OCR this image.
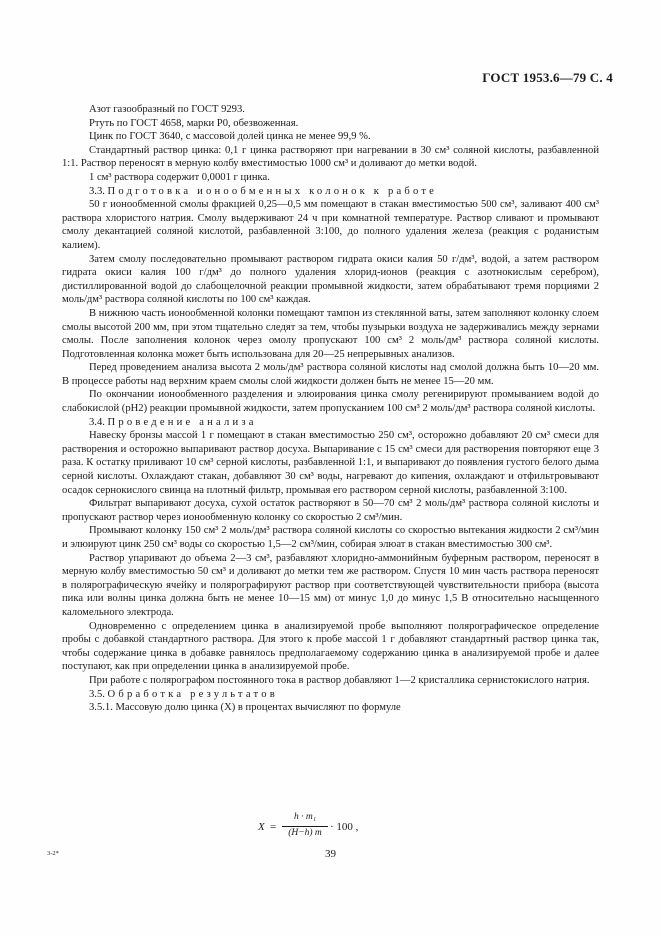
ГОСТ 1953.6—79 С. 4

Азот газообразный по ГОСТ 9293.

Ртуть по ГОСТ 4658, марки Р0, обезвоженная.

Цинк по ГОСТ 3640, с массовой долей цинка не менее 99,9 %.

Стандартный раствор цинка: 0,1 г цинка растворяют при нагревании в 30 см³ соляной кислоты, разбавленной 1:1. Раствор переносят в мерную колбу вместимостью 1000 см³ и доливают до метки водой.

1 см³ раствора содержит 0,0001 г цинка.

3.3. Подготовка ионообменных колонок к работе

50 г ионообменной смолы фракцией 0,25—0,5 мм помещают в стакан вместимостью 500 см³, заливают 400 см³ раствора хлористого натрия. Смолу выдерживают 24 ч при комнатной температуре. Раствор сливают и промывают смолу декантацией соляной кислотой, разбавленной 3:100, до полного удаления железа (реакция с роданистым калием).

Затем смолу последовательно промывают раствором гидрата окиси калия 50 г/дм³, водой, а затем раствором гидрата окиси калия 100 г/дм³ до полного удаления хлорид-ионов (реакция с азотнокислым серебром), дистиллированной водой до слабощелочной реакции промывной жидкости, затем обрабатывают тремя порциями 2 моль/дм³ раствора соляной кислоты по 100 см³ каждая.

В нижнюю часть ионообменной колонки помещают тампон из стеклянной ваты, затем заполняют колонку слоем смолы высотой 200 мм, при этом тщательно следят за тем, чтобы пузырьки воздуха не задерживались между зернами смолы. После заполнения колонок через омолу пропускают 100 см³ 2 моль/дм³ раствора соляной кислоты. Подготовленная колонка может быть использована для 20—25 непрерывных анализов.

Перед проведением анализа высота 2 моль/дм³ раствора соляной кислоты над смолой должна быть 10—20 мм. В процессе работы над верхним краем смолы слой жидкости должен быть не менее 15—20 мм.

По окончании ионообменного разделения и элюирования цинка смолу регенирируют промыванием водой до слабокислой (рН2) реакции промывной жидкости, затем пропусканием 100 см³ 2 моль/дм³ раствора соляной кислоты.

3.4. Проведение анализа

Навеску бронзы массой 1 г помещают в стакан вместимостью 250 см³, осторожно добавляют 20 см³ смеси для растворения и осторожно выпаривают раствор досуха. Выпаривание с 15 см³ смеси для растворения повторяют еще 3 раза. К остатку приливают 10 см³ серной кислоты, разбавленной 1:1, и выпаривают до появления густого белого дыма серной кислоты. Охлаждают стакан, добавляют 30 см³ воды, нагревают до кипения, охлаждают и отфильтровывают осадок сернокислого свинца на плотный фильтр, промывая его раствором серной кислоты, разбавленной 3:100.

Фильтрат выпаривают досуха, сухой остаток растворяют в 50—70 см³ 2 моль/дм³ раствора соляной кислоты и пропускают раствор через ионообменную колонку со скоростью 2 см³/мин.

Промывают колонку 150 см³ 2 моль/дм³ раствора соляной кислоты со скоростью вытекания жидкости 2 см³/мин и элюируют цинк 250 см³ воды со скоростью 1,5—2 см³/мин, собирая элюат в стакан вместимостью 300 см³.

Раствор упаривают до объема 2—3 см³, разбавляют хлоридно-аммонийным буферным раствором, переносят в мерную колбу вместимостью 50 см³ и доливают до метки тем же раствором. Спустя 10 мин часть раствора переносят в полярографическую ячейку и полярографируют раствор при соответствующей чувствительности прибора (высота пика или волны цинка должна быть не менее 10—15 мм) от минус 1,0 до минус 1,5 В относительно насыщенного каломельного электрода.

Одновременно с определением цинка в анализируемой пробе выполняют полярографическое определение пробы с добавкой стандартного раствора. Для этого к пробе массой 1 г добавляют стандартный раствор цинка так, чтобы содержание цинка в добавке равнялось предполагаемому содержанию цинка в анализируемой пробе и далее поступают, как при определении цинка в анализируемой пробе.

При работе с полярографом постоянного тока в раствор добавляют 1—2 кристаллика сернистокислого натрия.

3.5. Обработка результатов

3.5.1. Массовую долю цинка (X) в процентах вычисляют по формуле

X =
h · m₁
(H−h) m · 100 ,
39
3-2*
